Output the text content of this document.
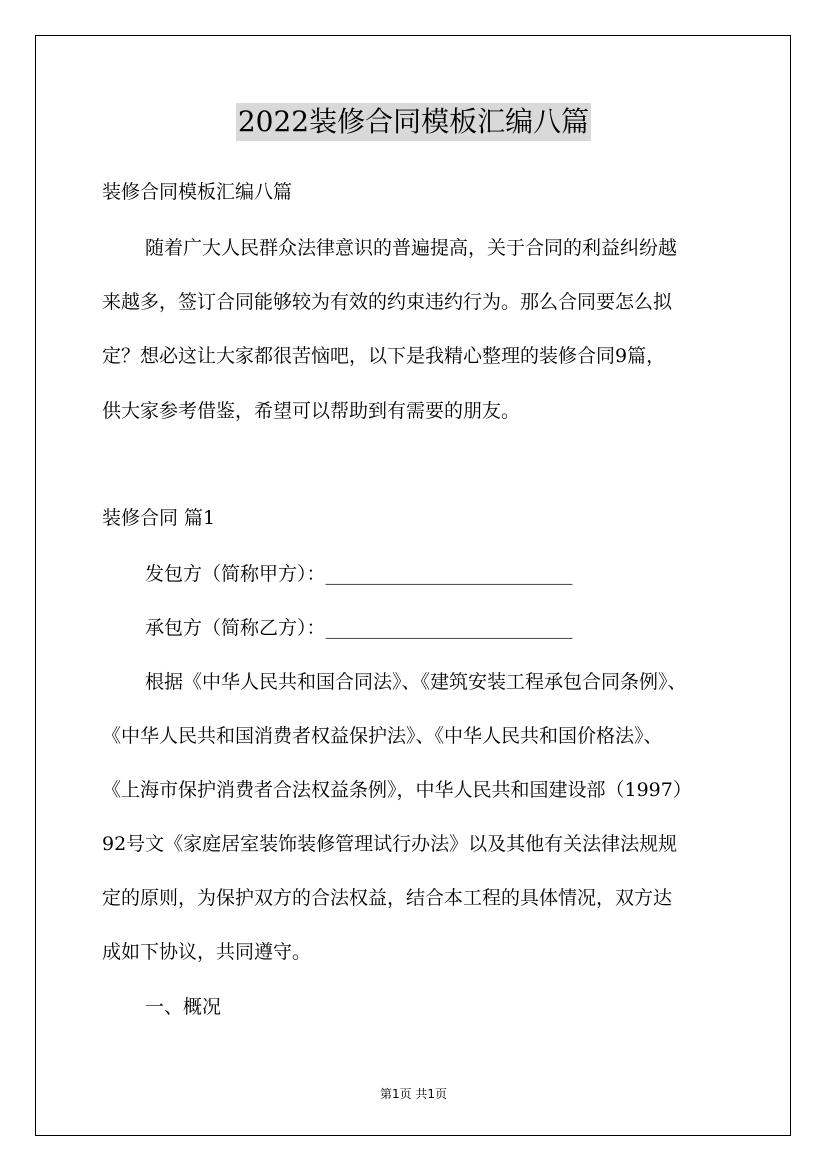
2022装修合同模板汇编八篇
装修合同模板汇编八篇
随着广大人民群众法律意识的普遍提高，关于合同的利益纠纷越
来越多，签订合同能够较为有效的约束违约行为。那么合同要怎么拟
定？想必这让大家都很苦恼吧，以下是我精心整理的装修合同9篇，
供大家参考借鉴，希望可以帮助到有需要的朋友。
装修合同 篇1
发包方（简称甲方）：__________________________
承包方（简称乙方）：__________________________
根据《中华人民共和国合同法》、《建筑安装工程承包合同条例》、
《中华人民共和国消费者权益保护法》、《中华人民共和国价格法》、
《上海市保护消费者合法权益条例》，中华人民共和国建设部（1997）
92号文《家庭居室装饰装修管理试行办法》以及其他有关法律法规规
定的原则，为保护双方的合法权益，结合本工程的具体情况，双方达
成如下协议，共同遵守。
一、概况
第1页 共1页
